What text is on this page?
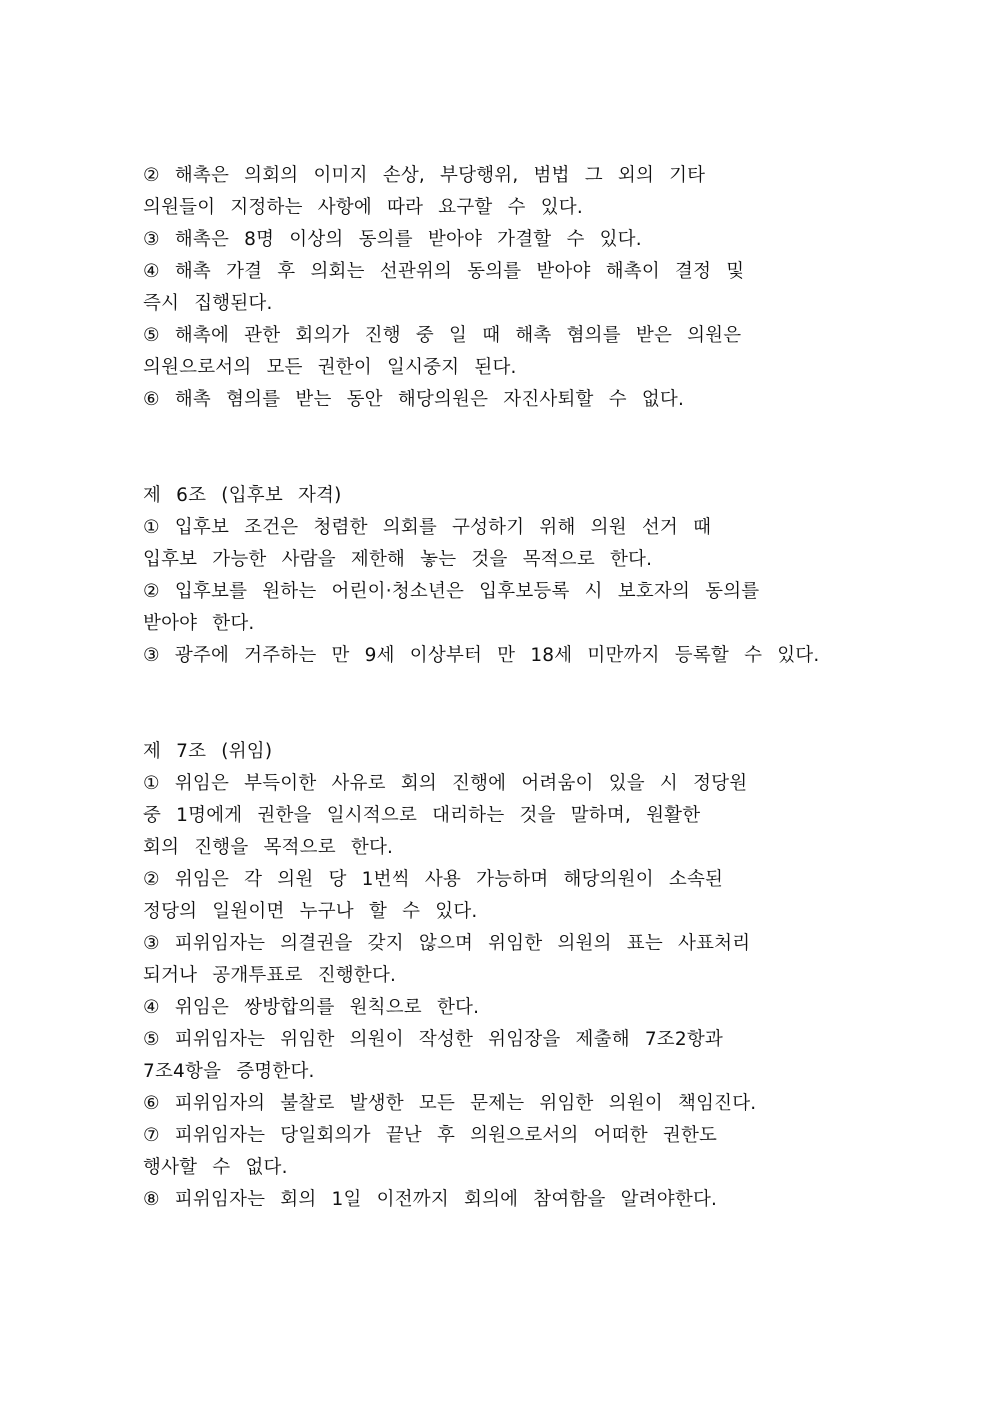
② 해촉은 의회의 이미지 손상, 부당행위, 범법 그 외의 기타
의원들이 지정하는 사항에 따라 요구할 수 있다.
③ 해촉은 8명 이상의 동의를 받아야 가결할 수 있다.
④ 해촉 가결 후 의회는 선관위의 동의를 받아야 해촉이 결정 및
즉시 집행된다.
⑤ 해촉에 관한 회의가 진행 중 일 때 해촉 혐의를 받은 의원은
의원으로서의 모든 권한이 일시중지 된다.
⑥ 해촉 혐의를 받는 동안 해당의원은 자진사퇴할 수 없다.
제 6조 (입후보 자격)
① 입후보 조건은 청렴한 의회를 구성하기 위해 의원 선거 때
입후보 가능한 사람을 제한해 놓는 것을 목적으로 한다.
② 입후보를 원하는 어린이·청소년은 입후보등록 시 보호자의 동의를
받아야 한다.
③ 광주에 거주하는 만 9세 이상부터 만 18세 미만까지 등록할 수 있다.
제 7조 (위임)
① 위임은 부득이한 사유로 회의 진행에 어려움이 있을 시 정당원
중 1명에게 권한을 일시적으로 대리하는 것을 말하며, 원활한
회의 진행을 목적으로 한다.
② 위임은 각 의원 당 1번씩 사용 가능하며 해당의원이 소속된
정당의 일원이면 누구나 할 수 있다.
③ 피위임자는 의결권을 갖지 않으며 위임한 의원의 표는 사표처리
되거나 공개투표로 진행한다.
④ 위임은 쌍방합의를 원칙으로 한다.
⑤ 피위임자는 위임한 의원이 작성한 위임장을 제출해 7조2항과
7조4항을 증명한다.
⑥ 피위임자의 불찰로 발생한 모든 문제는 위임한 의원이 책임진다.
⑦ 피위임자는 당일회의가 끝난 후 의원으로서의 어떠한 권한도
행사할 수 없다.
⑧ 피위임자는 회의 1일 이전까지 회의에 참여함을 알려야한다.
